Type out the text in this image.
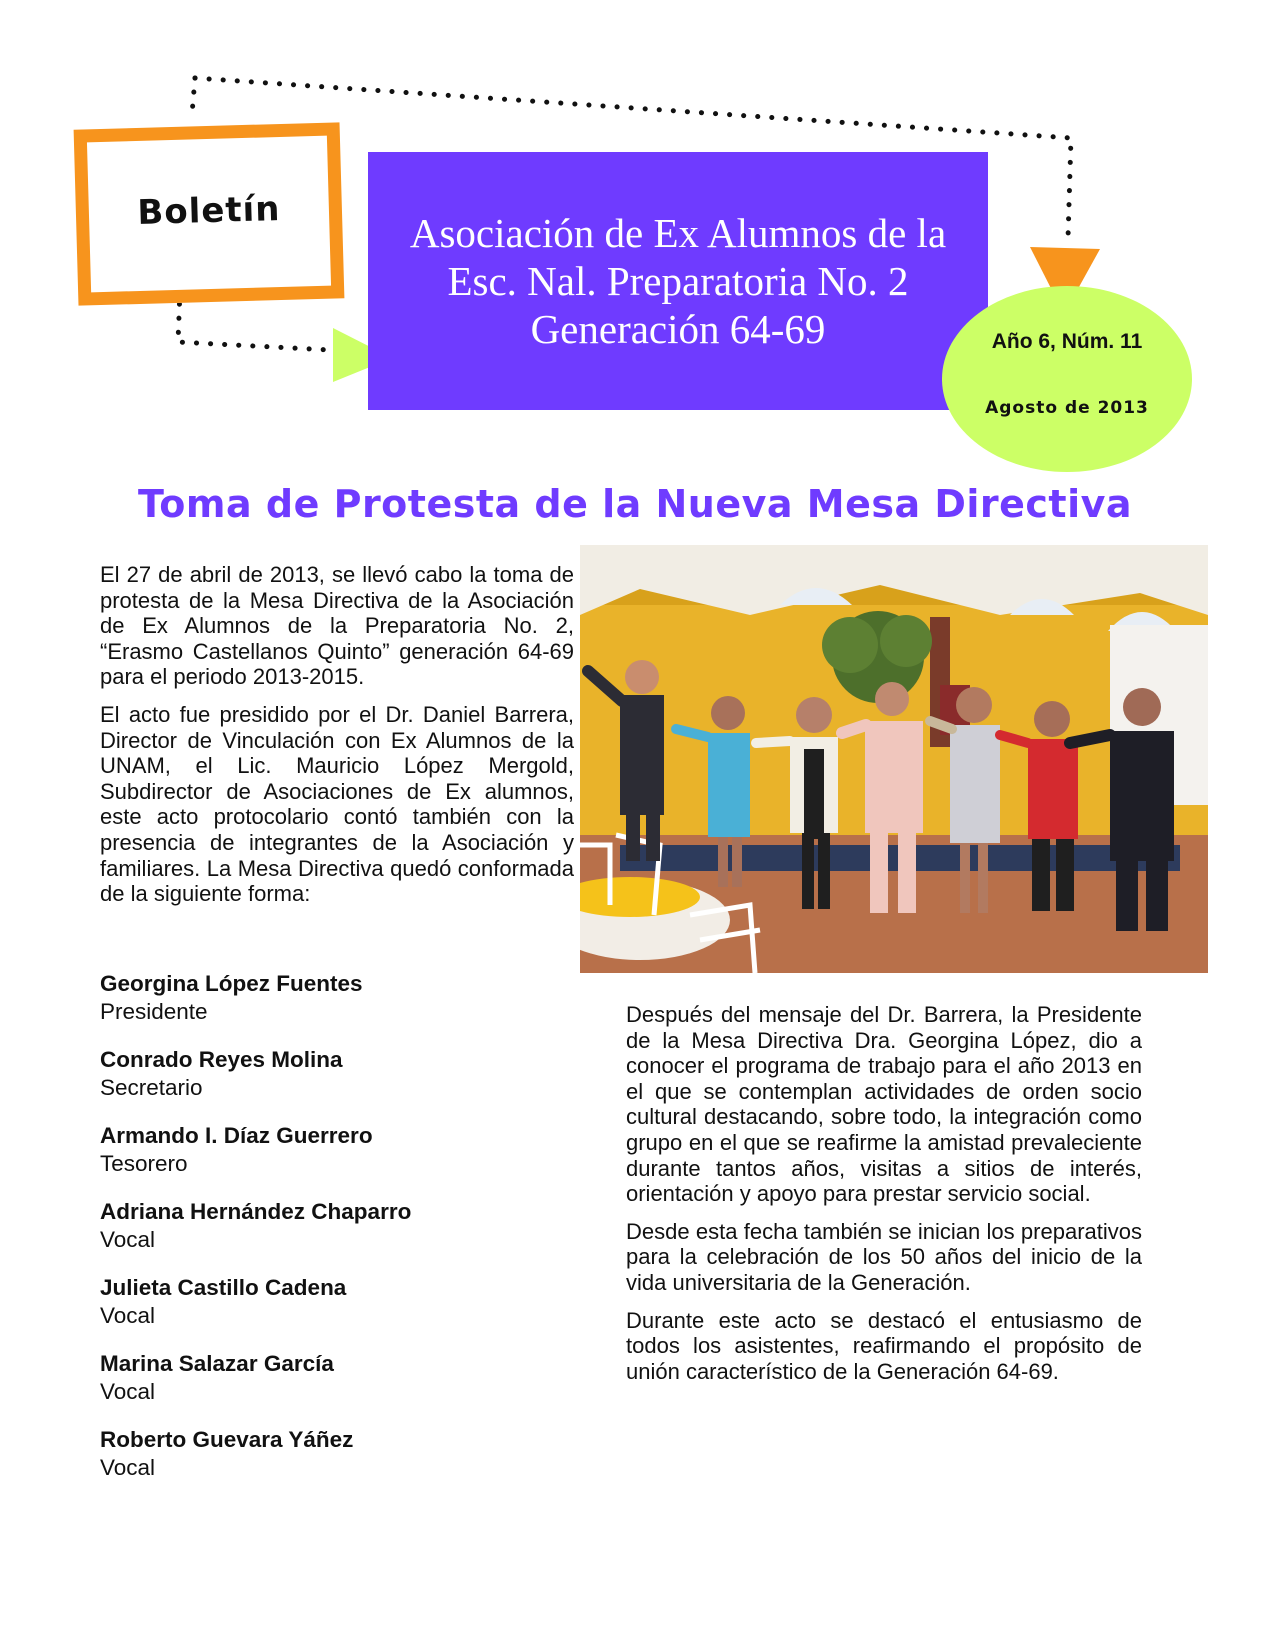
Boletín	Asociación de Ex Alumnos de la
Esc. Nal. Preparatoria No. 2
Generación 64-69	Año 6, Núm. 11
Agosto de 2013
Toma de Protesta de la Nueva Mesa Directiva

El 27 de abril de 2013, se llevó cabo la toma de protesta de la Mesa Directiva de la Asociación de Ex Alumnos de la Preparatoria No. 2, “Erasmo Castellanos Quinto” generación 64-69 para el periodo 2013-2015.

El acto fue presidido por el Dr. Daniel Barrera, Director de Vinculación con Ex Alumnos de la UNAM, el Lic. Mauricio López Mergold, Subdirector de Asociaciones de Ex alumnos, este acto protocolario contó también con la presencia de integrantes de la Asociación y familiares. La Mesa Directiva quedó conformada de la siguiente forma:

Georgina López Fuentes
Presidente
Conrado Reyes Molina
Secretario
Armando I. Díaz Guerrero
Tesorero
Adriana Hernández Chaparro
Vocal
Julieta Castillo Cadena
Vocal
Marina Salazar García
Vocal
Roberto Guevara Yáñez
Vocal

Después del mensaje del Dr. Barrera, la Presidente de la Mesa Directiva Dra. Georgina López, dio a conocer el programa de trabajo para el año 2013 en el que se contemplan actividades de orden socio cultural destacando, sobre todo, la integración como grupo en el que se reafirme la amistad prevaleciente durante tantos años, visitas a sitios de interés, orientación y apoyo para prestar servicio social.

Desde esta fecha también se inician los preparativos para la celebración de los 50 años del inicio de la vida universitaria de la Generación.

Durante este acto se destacó el entusiasmo de todos los asistentes, reafirmando el propósito de unión característico de la Generación 64-69.
